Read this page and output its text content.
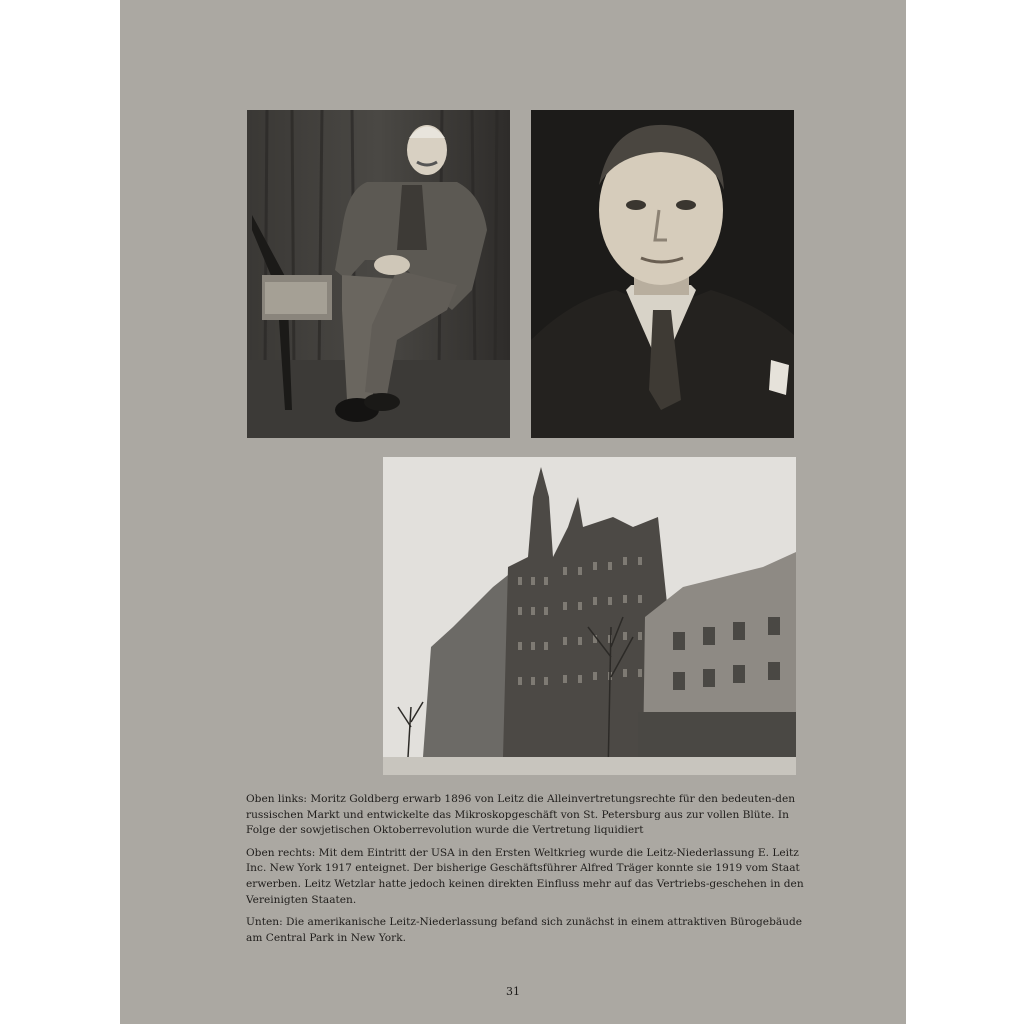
Oben links: Moritz Goldberg erwarb 1896 von Leitz die Alleinvertretungsrechte für den bedeuten-den russischen Markt und entwickelte das Mikroskopgeschäft von St. Petersburg aus zur vollen Blüte. In Folge der sowjetischen Oktoberrevolution wurde die Vertretung liquidiert

Oben rechts: Mit dem Eintritt der USA in den Ersten Weltkrieg wurde die Leitz-Niederlassung E. Leitz Inc. New York 1917 enteignet. Der bisherige Geschäftsführer Alfred Träger konnte sie 1919 vom Staat erwerben. Leitz Wetzlar hatte jedoch keinen direkten Einfluss mehr auf das Vertriebs-geschehen in den Vereinigten Staaten.

Unten: Die amerikanische Leitz-Niederlassung befand sich zunächst in einem attraktiven Bürogebäude am Central Park in New York.

31
